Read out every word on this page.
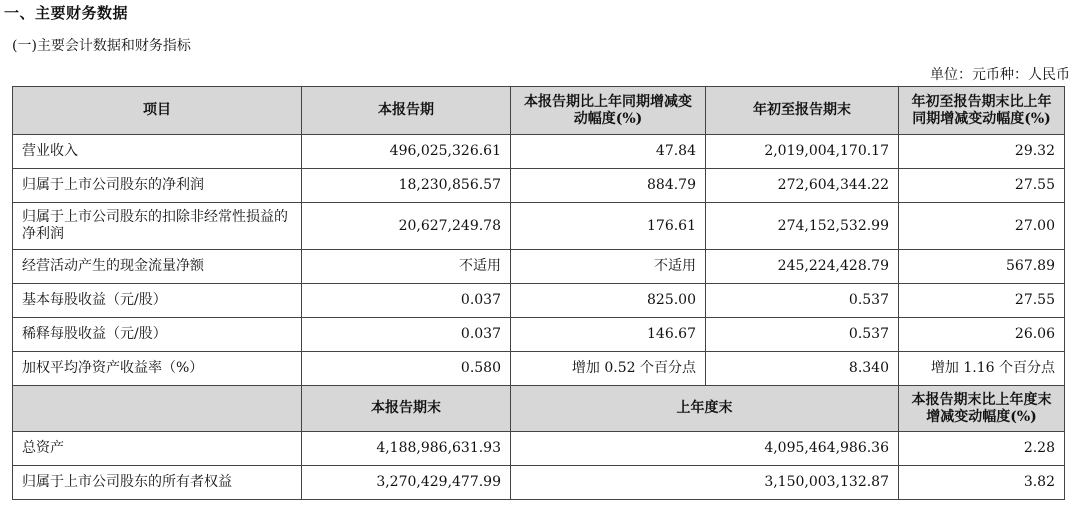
一、主要财务数据
(一)主要会计数据和财务指标
单位：元币种：人民币
项目	本报告期	本报告期比上年同期增减变动幅度(%)	年初至报告期末	年初至报告期末比上年同期增减变动幅度(%)
营业收入	496,025,326.61	47.84	2,019,004,170.17	29.32
归属于上市公司股东的净利润	18,230,856.57	884.79	272,604,344.22	27.55
归属于上市公司股东的扣除非经常性损益的净利润	20,627,249.78	176.61	274,152,532.99	27.00
经营活动产生的现金流量净额	不适用	不适用	245,224,428.79	567.89
基本每股收益（元/股）	0.037	825.00	0.537	27.55
稀释每股收益（元/股）	0.037	146.67	0.537	26.06
加权平均净资产收益率（%）	0.580	增加 0.52 个百分点	8.340	增加 1.16 个百分点
	本报告期末	上年度末		本报告期末比上年度末增减变动幅度(%)
总资产	4,188,986,631.93	4,095,464,986.36		2.28
归属于上市公司股东的所有者权益	3,270,429,477.99	3,150,003,132.87		3.82
